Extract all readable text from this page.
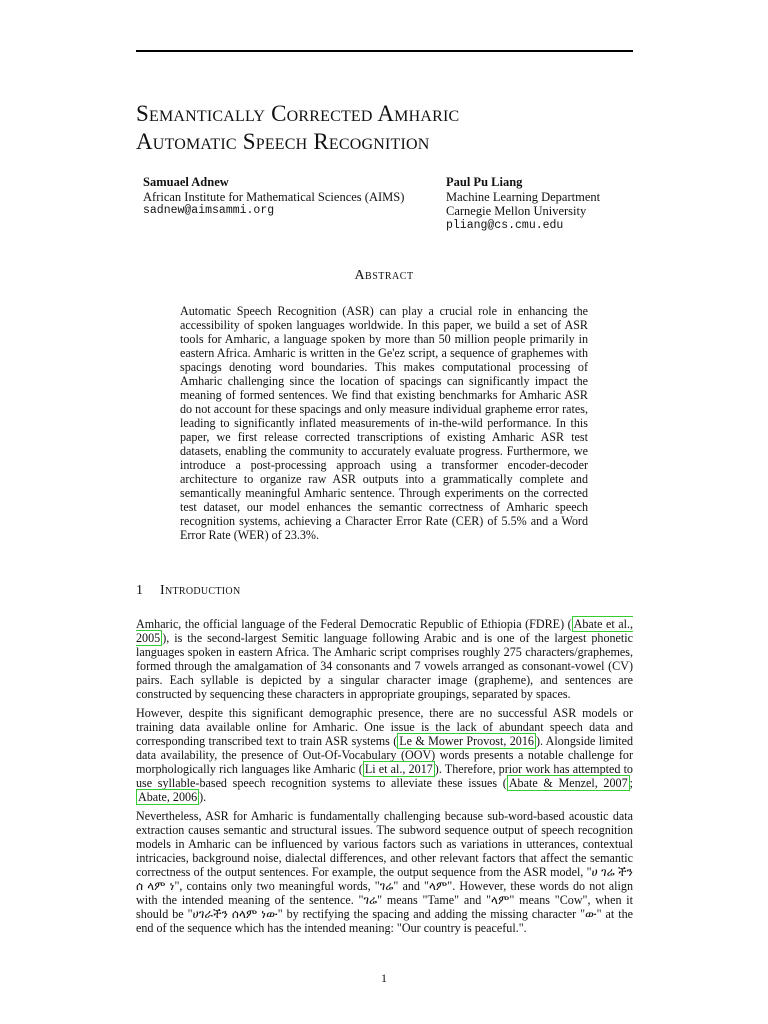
Semantically Corrected Amharic
Automatic Speech Recognition
Samuael Adnew
African Institute for Mathematical Sciences (AIMS)
sadnew@aimsammi.org
Paul Pu Liang
Machine Learning Department
Carnegie Mellon University
pliang@cs.cmu.edu
Abstract
Automatic Speech Recognition (ASR) can play a crucial role in enhancing the accessibility of spoken languages worldwide. In this paper, we build a set of ASR tools for Amharic, a language spoken by more than 50 million people primarily in eastern Africa. Amharic is written in the Ge'ez script, a sequence of graphemes with spacings denoting word boundaries. This makes computational processing of Amharic challenging since the location of spacings can significantly impact the meaning of formed sentences. We find that existing benchmarks for Amharic ASR do not account for these spacings and only measure individual grapheme error rates, leading to significantly inflated measurements of in-the-wild performance. In this paper, we first release corrected transcriptions of existing Amharic ASR test datasets, enabling the community to accurately evaluate progress. Furthermore, we introduce a post-processing approach using a transformer encoder-decoder architecture to organize raw ASR outputs into a grammatically complete and semantically meaningful Amharic sentence. Through experiments on the corrected test dataset, our model enhances the semantic correctness of Amharic speech recognition systems, achieving a Character Error Rate (CER) of 5.5% and a Word Error Rate (WER) of 23.3%.
1 Introduction

Amharic, the official language of the Federal Democratic Republic of Ethiopia (FDRE) ( Abate et al., 2005 ), is the second-largest Semitic language following Arabic and is one of the largest phonetic languages spoken in eastern Africa. The Amharic script comprises roughly 275 characters/graphemes, formed through the amalgamation of 34 consonants and 7 vowels arranged as consonant-vowel (CV) pairs. Each syllable is depicted by a singular character image (grapheme), and sentences are constructed by sequencing these characters in appropriate groupings, separated by spaces.

However, despite this significant demographic presence, there are no successful ASR models or training data available online for Amharic. One issue is the lack of abundant speech data and corresponding transcribed text to train ASR systems ( Le & Mower Provost, 2016 ). Alongside limited data availability, the presence of Out-Of-Vocabulary (OOV) words presents a notable challenge for morphologically rich languages like Amharic ( Li et al., 2017 ). Therefore, prior work has attempted to use syllable-based speech recognition systems to alleviate these issues ( Abate & Menzel, 2007 ; Abate, 2006 ).

Nevertheless, ASR for Amharic is fundamentally challenging because sub-word-based acoustic data extraction causes semantic and structural issues. The subword sequence output of speech recognition models in Amharic can be influenced by various factors such as variations in utterances, contextual intricacies, background noise, dialectal differences, and other relevant factors that affect the semantic correctness of the output sentences. For example, the output sequence from the ASR model, "ሀ ገሬ ችን ሰ ላም ነ", contains only two meaningful words, "ገሬ" and "ላም". However, these words do not align with the intended meaning of the sentence. "ገሬ" means "Tame" and "ላም" means "Cow", when it should be "ሀገራችን ሰላም ነው" by rectifying the spacing and adding the missing character "ው" at the end of the sequence which has the intended meaning: "Our country is peaceful.".

1
